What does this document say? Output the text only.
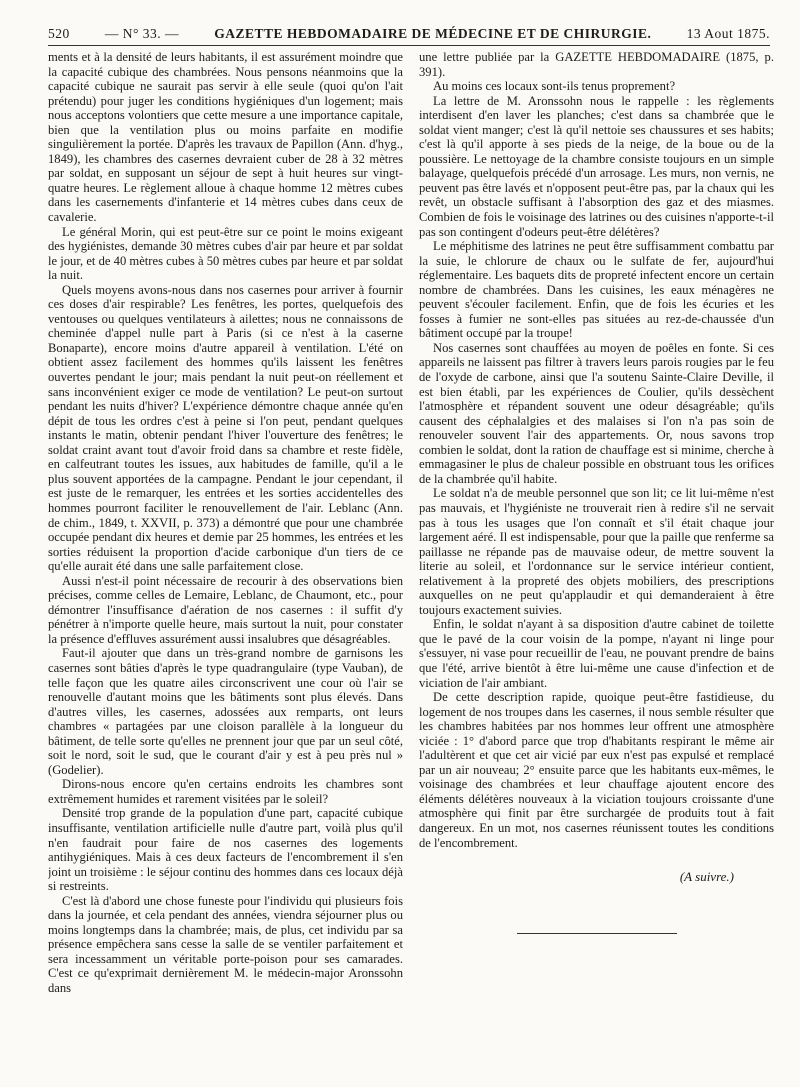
520	— N° 33. —	GAZETTE HEBDOMADAIRE DE MÉDECINE ET DE CHIRURGIE.	13 Aout 1875.

ments et à la densité de leurs habitants, il est assurément moindre que la capacité cubique des chambrées. Nous pensons néanmoins que la capacité cubique ne saurait pas servir à elle seule (quoi qu'on l'ait prétendu) pour juger les conditions hygiéniques d'un logement; mais nous acceptons volontiers que cette mesure a une importance capitale, bien que la ventilation plus ou moins parfaite en modifie singulièrement la portée. D'après les travaux de Papillon (Ann. d'hyg., 1849), les chambres des casernes devraient cuber de 28 à 32 mètres par soldat, en supposant un séjour de sept à huit heures sur vingt-quatre heures. Le règlement alloue à chaque homme 12 mètres cubes dans les casernements d'infanterie et 14 mètres cubes dans ceux de cavalerie.

Le général Morin, qui est peut-être sur ce point le moins exigeant des hygiénistes, demande 30 mètres cubes d'air par heure et par soldat le jour, et de 40 mètres cubes à 50 mètres cubes par heure et par soldat la nuit.

Quels moyens avons-nous dans nos casernes pour arriver à fournir ces doses d'air respirable? Les fenêtres, les portes, quelquefois des ventouses ou quelques ventilateurs à ailettes; nous ne connaissons de cheminée d'appel nulle part à Paris (si ce n'est à la caserne Bonaparte), encore moins d'autre appareil à ventilation. L'été on obtient assez facilement des hommes qu'ils laissent les fenêtres ouvertes pendant le jour; mais pendant la nuit peut-on réellement et sans inconvénient exiger ce mode de ventilation? Le peut-on surtout pendant les nuits d'hiver? L'expérience démontre chaque année qu'en dépit de tous les ordres c'est à peine si l'on peut, pendant quelques instants le matin, obtenir pendant l'hiver l'ouverture des fenêtres; le soldat craint avant tout d'avoir froid dans sa chambre et reste fidèle, en calfeutrant toutes les issues, aux habitudes de famille, qu'il a le plus souvent apportées de la campagne. Pendant le jour cependant, il est juste de le remarquer, les entrées et les sorties accidentelles des hommes pourront faciliter le renouvellement de l'air. Leblanc (Ann. de chim., 1849, t. XXVII, p. 373) a démontré que pour une chambrée occupée pendant dix heures et demie par 25 hommes, les entrées et les sorties réduisent la proportion d'acide carbonique d'un tiers de ce qu'elle aurait été dans une salle parfaitement close.

Aussi n'est-il point nécessaire de recourir à des observations bien précises, comme celles de Lemaire, Leblanc, de Chaumont, etc., pour démontrer l'insuffisance d'aération de nos casernes : il suffit d'y pénétrer à n'importe quelle heure, mais surtout la nuit, pour constater la présence d'effluves assurément aussi insalubres que désagréables.

Faut-il ajouter que dans un très-grand nombre de garnisons les casernes sont bâties d'après le type quadrangulaire (type Vauban), de telle façon que les quatre ailes circonscrivent une cour où l'air se renouvelle d'autant moins que les bâtiments sont plus élevés. Dans d'autres villes, les casernes, adossées aux remparts, ont leurs chambres « partagées par une cloison parallèle à la longueur du bâtiment, de telle sorte qu'elles ne prennent jour que par un seul côté, soit le nord, soit le sud, que le courant d'air y est à peu près nul » (Godelier).

Dirons-nous encore qu'en certains endroits les chambres sont extrêmement humides et rarement visitées par le soleil?

Densité trop grande de la population d'une part, capacité cubique insuffisante, ventilation artificielle nulle d'autre part, voilà plus qu'il n'en faudrait pour faire de nos casernes des logements antihygiéniques. Mais à ces deux facteurs de l'encombrement il s'en joint un troisième : le séjour continu des hommes dans ces locaux déjà si restreints.

C'est là d'abord une chose funeste pour l'individu qui plusieurs fois dans la journée, et cela pendant des années, viendra séjourner plus ou moins longtemps dans la chambrée; mais, de plus, cet individu par sa présence empêchera sans cesse la salle de se ventiler parfaitement et sera incessamment un véritable porte-poison pour ses camarades. C'est ce qu'exprimait dernièrement M. le médecin-major Aronssohn dans

une lettre publiée par la GAZETTE HEBDOMADAIRE (1875, p. 391).

Au moins ces locaux sont-ils tenus proprement?

La lettre de M. Aronssohn nous le rappelle : les règlements interdisent d'en laver les planches; c'est dans sa chambrée que le soldat vient manger; c'est là qu'il nettoie ses chaussures et ses habits; c'est là qu'il apporte à ses pieds de la neige, de la boue ou de la poussière. Le nettoyage de la chambre consiste toujours en un simple balayage, quelquefois précédé d'un arrosage. Les murs, non vernis, ne peuvent pas être lavés et n'opposent peut-être pas, par la chaux qui les revêt, un obstacle suffisant à l'absorption des gaz et des miasmes. Combien de fois le voisinage des latrines ou des cuisines n'apporte-t-il pas son contingent d'odeurs peut-être délétères?

Le méphitisme des latrines ne peut être suffisamment combattu par la suie, le chlorure de chaux ou le sulfate de fer, aujourd'hui réglementaire. Les baquets dits de propreté infectent encore un certain nombre de chambrées. Dans les cuisines, les eaux ménagères ne peuvent s'écouler facilement. Enfin, que de fois les écuries et les fosses à fumier ne sont-elles pas situées au rez-de-chaussée d'un bâtiment occupé par la troupe!

Nos casernes sont chauffées au moyen de poêles en fonte. Si ces appareils ne laissent pas filtrer à travers leurs parois rougies par le feu de l'oxyde de carbone, ainsi que l'a soutenu Sainte-Claire Deville, il est bien établi, par les expériences de Coulier, qu'ils dessèchent l'atmosphère et répandent souvent une odeur désagréable; qu'ils causent des céphalalgies et des malaises si l'on n'a pas soin de renouveler souvent l'air des appartements. Or, nous savons trop combien le soldat, dont la ration de chauffage est si minime, cherche à emmagasiner le plus de chaleur possible en obstruant tous les orifices de la chambrée qu'il habite.

Le soldat n'a de meuble personnel que son lit; ce lit lui-même n'est pas mauvais, et l'hygiéniste ne trouverait rien à redire s'il ne servait pas à tous les usages que l'on connaît et s'il était chaque jour largement aéré. Il est indispensable, pour que la paille que renferme sa paillasse ne répande pas de mauvaise odeur, de mettre souvent la literie au soleil, et l'ordonnance sur le service intérieur contient, relativement à la propreté des objets mobiliers, des prescriptions auxquelles on ne peut qu'applaudir et qui demanderaient à être toujours exactement suivies.

Enfin, le soldat n'ayant à sa disposition d'autre cabinet de toilette que le pavé de la cour voisin de la pompe, n'ayant ni linge pour s'essuyer, ni vase pour recueillir de l'eau, ne pouvant prendre de bains que l'été, arrive bientôt à être lui-même une cause d'infection et de viciation de l'air ambiant.

De cette description rapide, quoique peut-être fastidieuse, du logement de nos troupes dans les casernes, il nous semble résulter que les chambres habitées par nos hommes leur offrent une atmosphère viciée : 1° d'abord parce que trop d'habitants respirant le même air l'adultèrent et que cet air vicié par eux n'est pas expulsé et remplacé par un air nouveau; 2° ensuite parce que les habitants eux-mêmes, le voisinage des chambrées et leur chauffage ajoutent encore des éléments délétères nouveaux à la viciation toujours croissante d'une atmosphère qui finit par être surchargée de produits tout à fait dangereux. En un mot, nos casernes réunissent toutes les conditions de l'encombrement.

(A suivre.)
